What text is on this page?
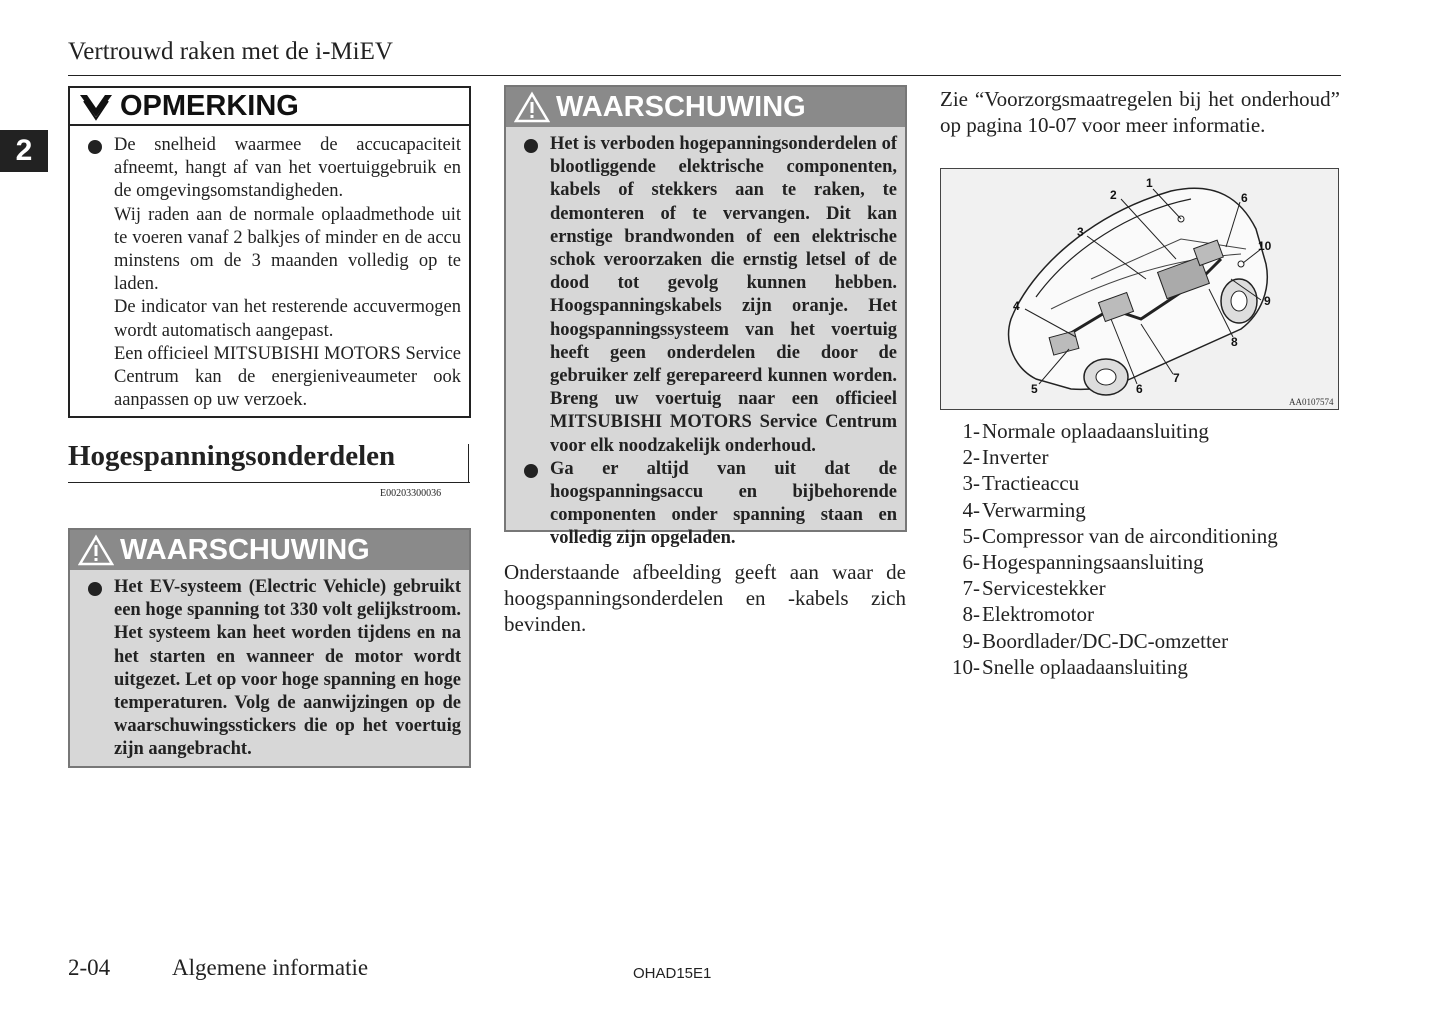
Vertrouwd raken met de i-MiEV
2
OPMERKING
De snelheid waarmee de accucapaciteit afneemt, hangt af van het voertuiggebruik en de omgevingsomstandigheden.
Wij raden aan de normale oplaadmethode uit te voeren vanaf 2 balkjes of minder en de accu minstens om de 3 maanden volledig op te laden.
De indicator van het resterende accuvermogen wordt automatisch aangepast.
Een officieel MITSUBISHI MOTORS Service Centrum kan de energieniveaumeter ook aanpassen op uw verzoek.
Hogespanningsonderdelen
E00203300036
WAARSCHUWING
Het EV-systeem (Electric Vehicle) gebruikt een hoge spanning tot 330 volt gelijkstroom. Het systeem kan heet worden tijdens en na het starten en wanneer de motor wordt uitgezet. Let op voor hoge spanning en hoge temperaturen. Volg de aanwijzingen op de waarschuwingsstickers die op het voertuig zijn aangebracht.
WAARSCHUWING
Het is verboden hogepanningsonderdelen of blootliggende elektrische componenten, kabels of stekkers aan te raken, te demonteren of te vervangen. Dit kan ernstige brandwonden of een elektrische schok veroorzaken die ernstig letsel of de dood tot gevolg kunnen hebben. Hoogspanningskabels zijn oranje. Het hoogspanningssysteem van het voertuig heeft geen onderdelen die door de gebruiker zelf gerepareerd kunnen worden. Breng uw voertuig naar een officieel MITSUBISHI MOTORS Service Centrum voor elk noodzakelijk onderhoud.
Ga er altijd van uit dat de hoogspanningsaccu en bijbehorende componenten onder spanning staan en volledig zijn opgeladen.
Onderstaande afbeelding geeft aan waar de hoogspanningsonderdelen en -kabels zich bevinden.
Zie “Voorzorgsmaatregelen bij het onderhoud” op pagina 10-07 voor meer informatie.
1
2
3
4
5	6
6
7
8
9
10
AA0107574
1- Normale oplaadaansluiting
2- Inverter
3- Tractieaccu
4- Verwarming
5- Compressor van de airconditioning
6- Hogespanningsaansluiting
7- Servicestekker
8- Elektromotor
9- Boordlader/DC-DC-omzetter
10- Snelle oplaadaansluiting
2-04	Algemene informatie	OHAD15E1
